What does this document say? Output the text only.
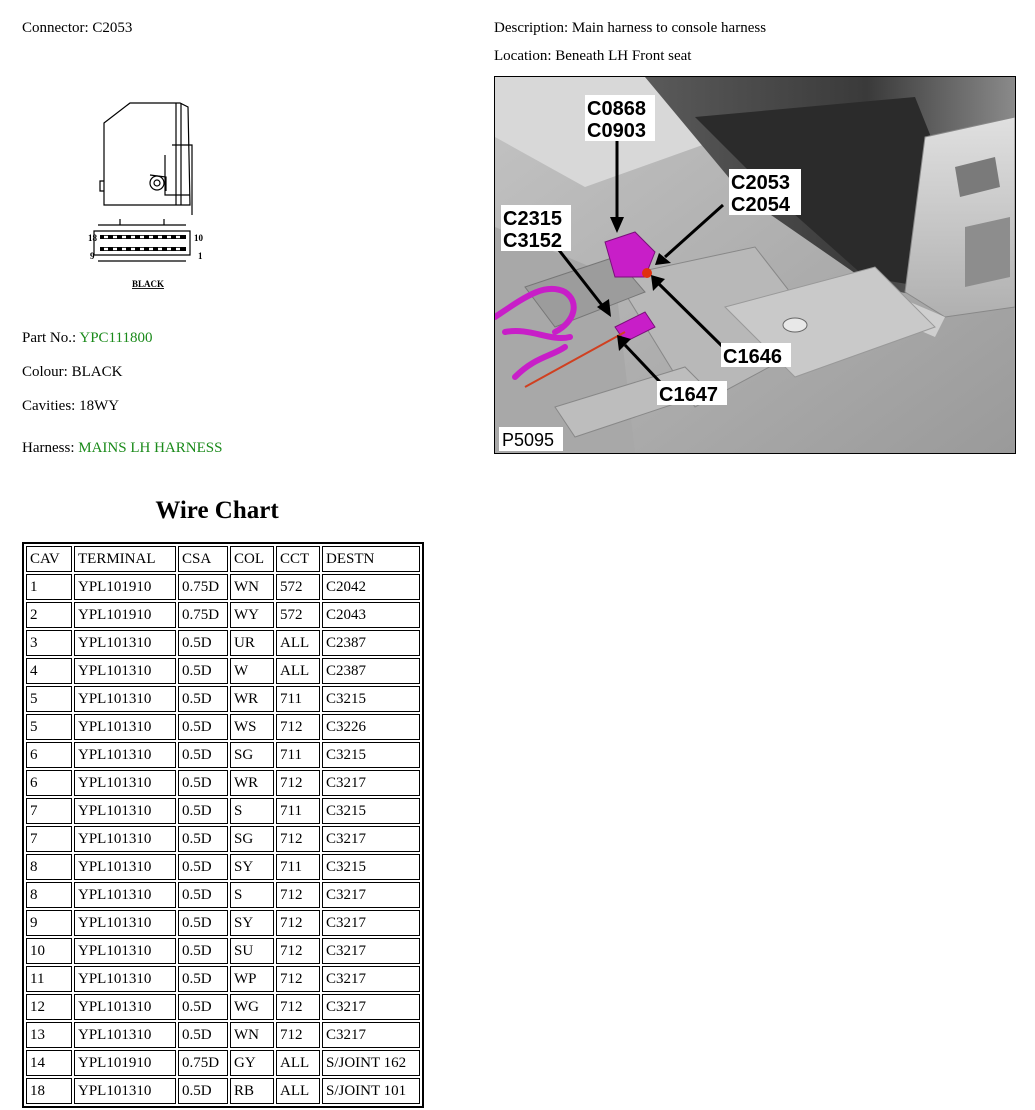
Connector: C2053	Description: Main harness to console harness
Location: Beneath LH Front seat
18	10
9	1
BLACK
Part No.: YPC111800
Colour: BLACK
Cavities: 18WY
Harness: MAINS LH HARNESS
C0868
C0903
C2053
C2054
C2315
C3152
C1646
C1647
P5095
Wire Chart
CAV	TERMINAL	CSA	COL	CCT	DESTN
1	YPL101910	0.75D	WN	572	C2042
2	YPL101910	0.75D	WY	572	C2043
3	YPL101310	0.5D	UR	ALL	C2387
4	YPL101310	0.5D	W	ALL	C2387
5	YPL101310	0.5D	WR	711	C3215
5	YPL101310	0.5D	WS	712	C3226
6	YPL101310	0.5D	SG	711	C3215
6	YPL101310	0.5D	WR	712	C3217
7	YPL101310	0.5D	S	711	C3215
7	YPL101310	0.5D	SG	712	C3217
8	YPL101310	0.5D	SY	711	C3215
8	YPL101310	0.5D	S	712	C3217
9	YPL101310	0.5D	SY	712	C3217
10	YPL101310	0.5D	SU	712	C3217
11	YPL101310	0.5D	WP	712	C3217
12	YPL101310	0.5D	WG	712	C3217
13	YPL101310	0.5D	WN	712	C3217
14	YPL101910	0.75D	GY	ALL	S/JOINT 162
18	YPL101310	0.5D	RB	ALL	S/JOINT 101
